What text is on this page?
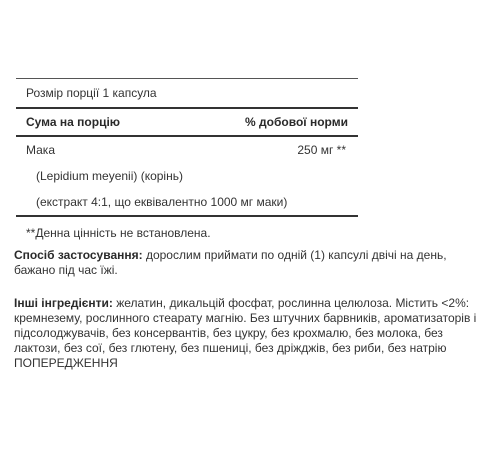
Розмір порції 1 капсула
Сума на порцію	% добової норми
Мака	250 мг **
(Lepidium meyenii) (корінь)
(екстракт 4:1, що еквівалентно 1000 мг маки)
**Денна цінність не встановлена.
Спосіб застосування: дорослим приймати по одній (1) капсулі двічі на день, бажано під час їжі.
Інші інгредієнти: желатин, дикальцій фосфат, рослинна целюлоза. Містить <2%: кремнезему, рослинного стеарату магнію. Без штучних барвників, ароматизаторів і підсолоджувачів, без консервантів, без цукру, без крохмалю, без молока, без лактози, без сої, без глютену, без пшениці, без дріжджів, без риби, без натрію ПОПЕРЕДЖЕННЯ
